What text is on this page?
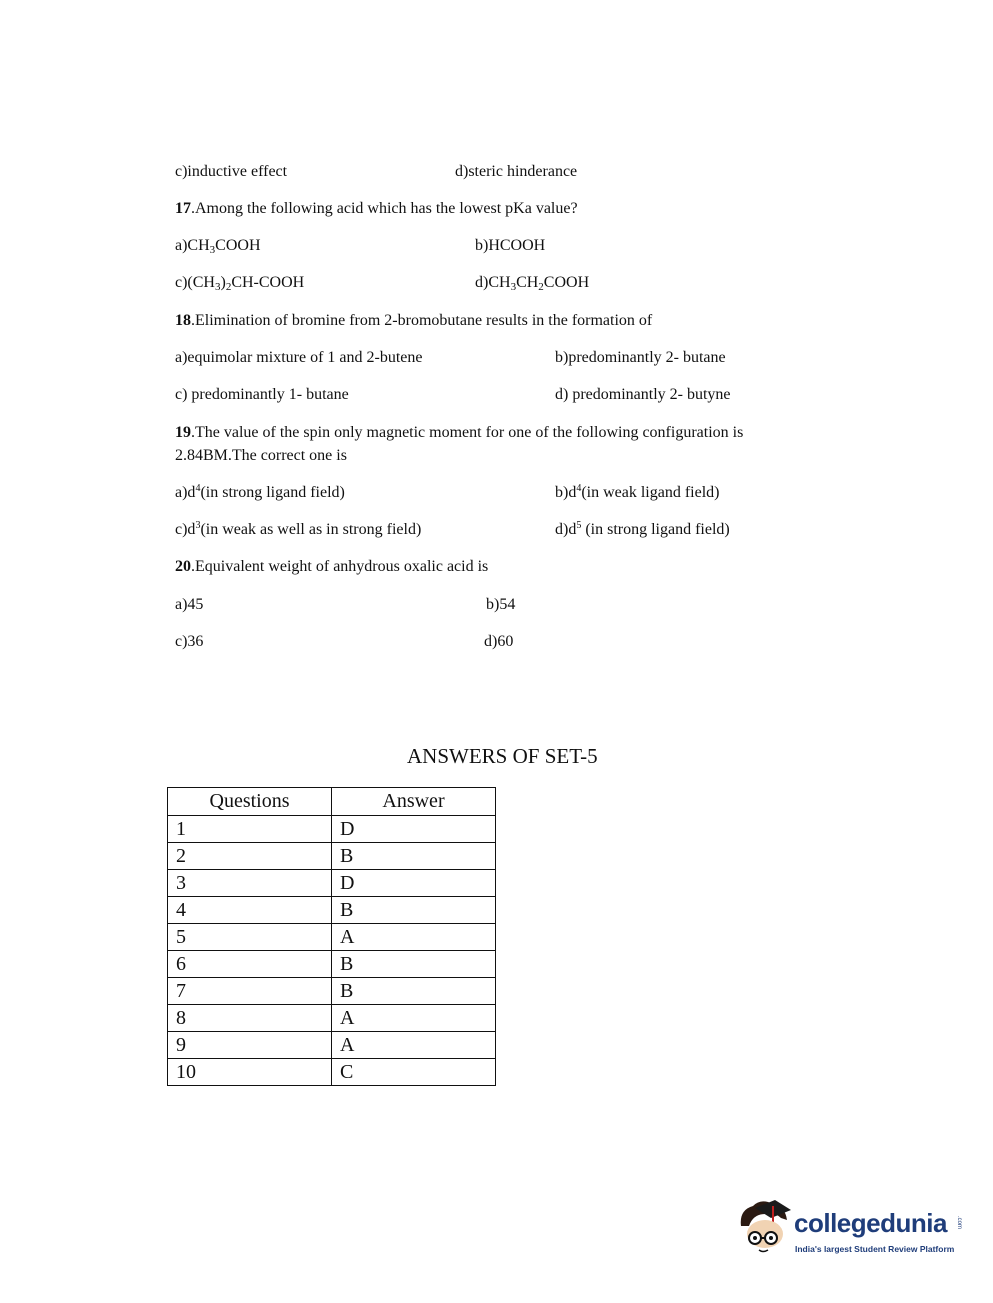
c)inductive effect	d)steric hinderance
17.Among the following acid which has the lowest pKa value?
$a)CH_3COOH$	b)HCOOH
$c)(CH_3)_2CH$-COOH	$d)CH_3CH_2COOH$
18.Elimination of bromine from 2-bromobutane results in the formation of
a)equimolar mixture of 1 and 2-butene	b)predominantly 2- butane
c) predominantly 1- butane	d) predominantly 2- butyne
19.The value of the spin only magnetic moment for one of the following configuration is
2.84BM.The correct one is
$a)d^4(in$ strong ligand field)	$b)d^4(in$ weak ligand field)
$c)d^3(in$ weak as well as in strong field)	$d)d^5$ (in strong ligand field)
20.Equivalent weight of anhydrous oxalic acid is
a)45	b)54
c)36	d)60
ANSWERS OF SET-5
Questions	Answer
1	D
2	B
3	D
4	B
5	A
6	B
7	B
8	A
9	A
10	C
collegedunia .com
India's largest Student Review Platform
